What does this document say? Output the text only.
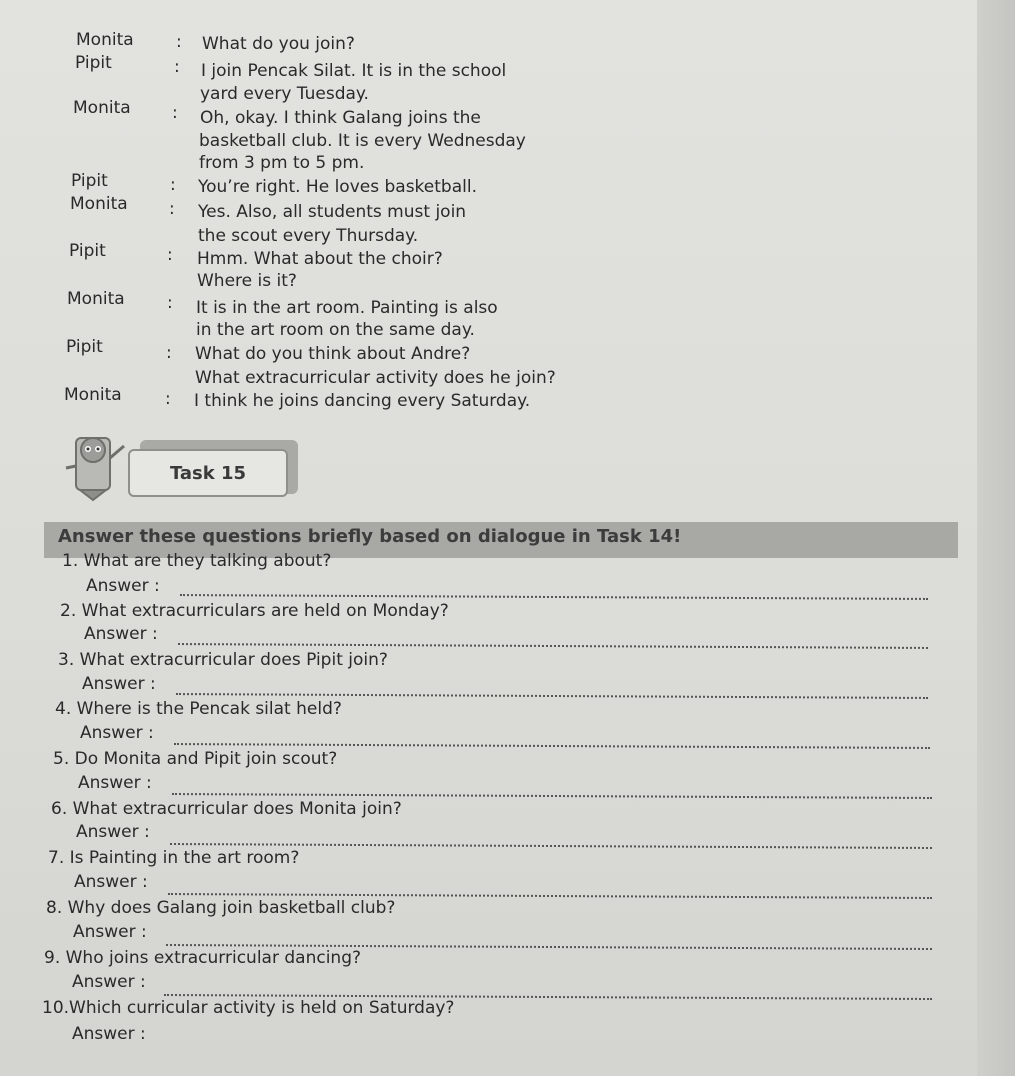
Monita : What do you join?
Pipit	: I join Pencak Silat. It is in the school
yard every Tuesday.
Monita : Oh, okay. I think Galang joins the
basketball club. It is every Wednesday
from 3 pm to 5 pm.
Pipit	: You’re right. He loves basketball.
Monita : Yes. Also, all students must join
the scout every Thursday.
Pipit	: Hmm. What about the choir?
Where is it?
Monita : It is in the art room. Painting is also
in the art room on the same day.
Pipit	: What do you think about Andre?
What extracurricular activity does he join?
Monita	: I think he joins dancing every Saturday.
Task 15
Answer these questions briefly based on dialogue in Task 14!
1. What are they talking about?
Answer :
2. What extracurriculars are held on Monday?
Answer :
3. What extracurricular does Pipit join?
Answer :
4. Where is the Pencak silat held?
Answer :
5. Do Monita and Pipit join scout?
Answer :
6. What extracurricular does Monita join?
Answer :
7. Is Painting in the art room?
Answer :
8. Why does Galang join basketball club?
Answer :
9. Who joins extracurricular dancing?
Answer :
10.Which curricular activity is held on Saturday?
Answer :
